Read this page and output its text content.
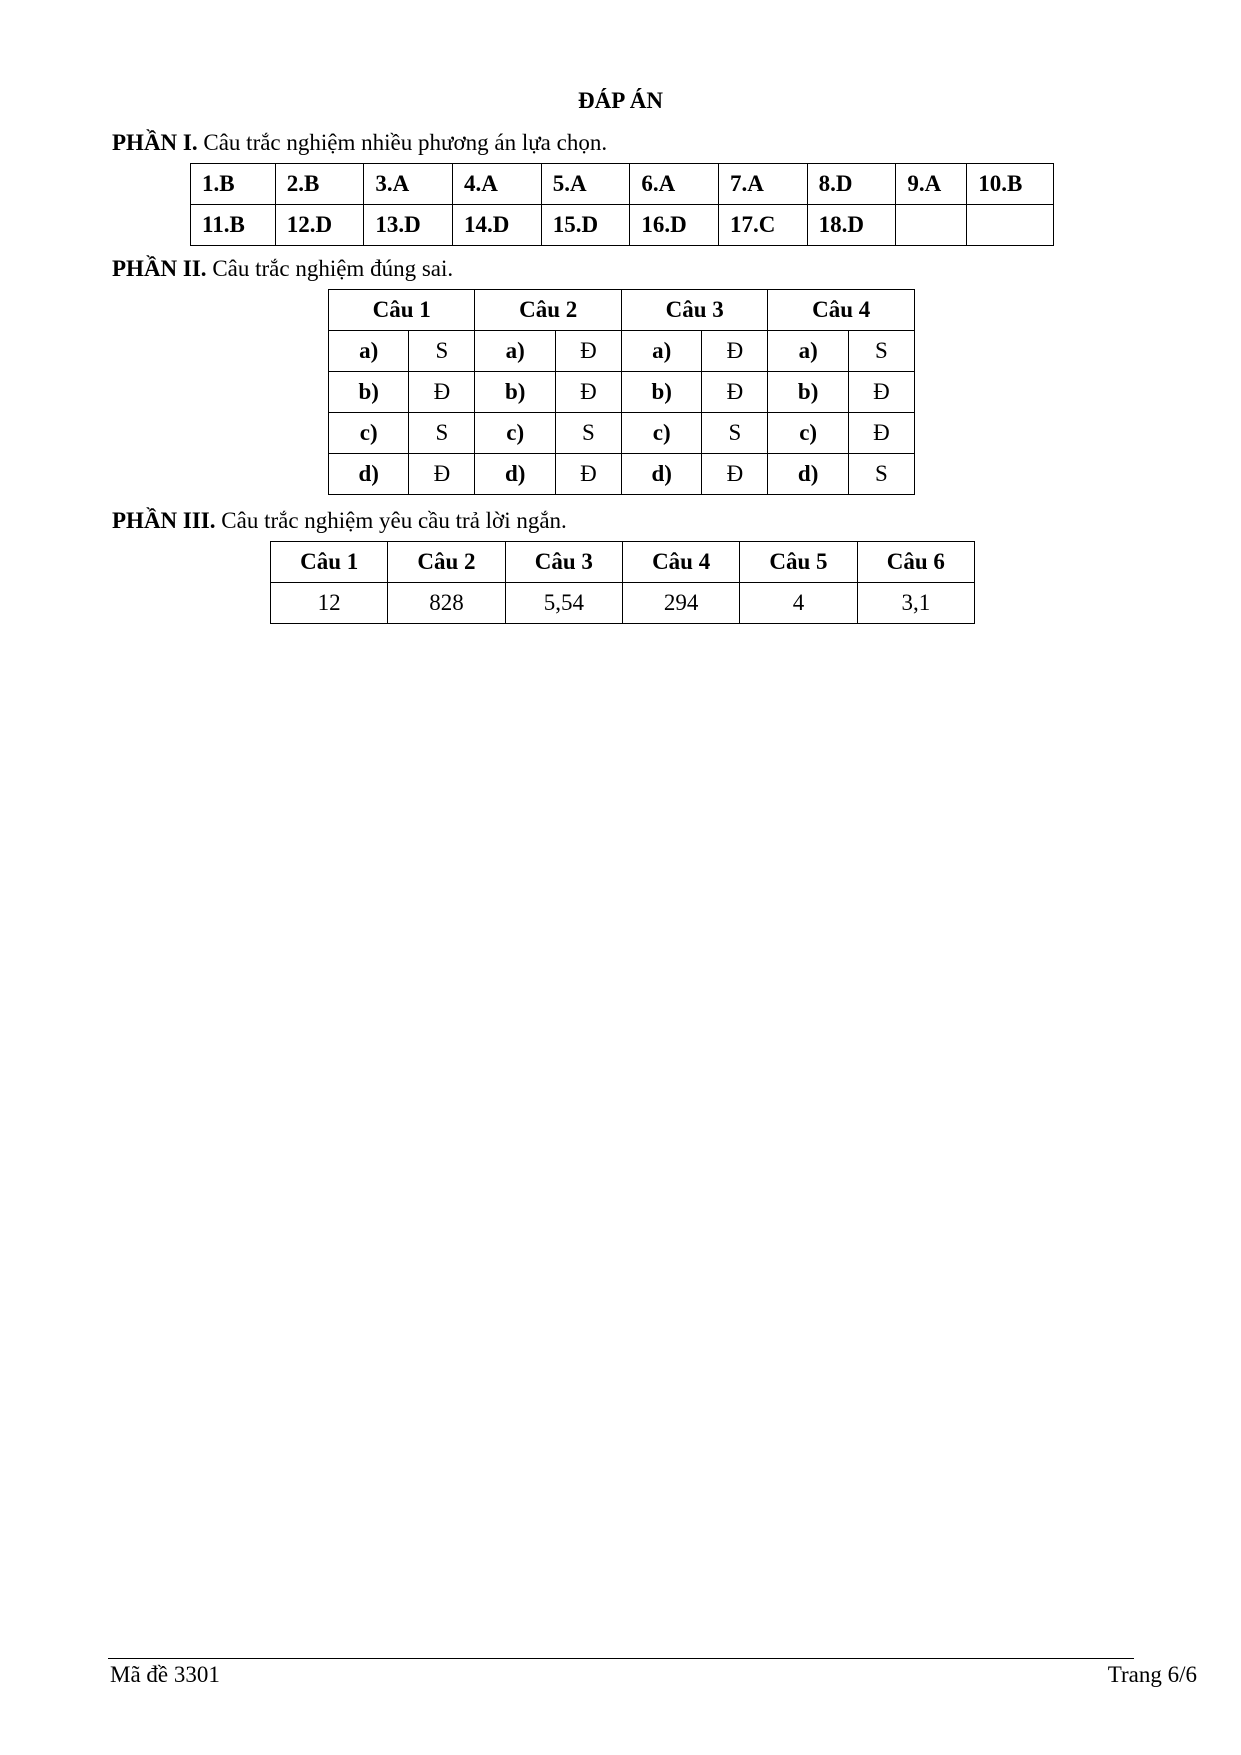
ĐÁP ÁN
PHẦN I. Câu trắc nghiệm nhiều phương án lựa chọn.
1.B	2.B	3.A	4.A	5.A	6.A	7.A	8.D	9.A	10.B
11.B	12.D	13.D	14.D	15.D	16.D	17.C	18.D		
PHẦN II. Câu trắc nghiệm đúng sai.
Câu 1		Câu 2		Câu 3		Câu 4	
a)	S	a)	Đ	a)	Đ	a)	S
b)	Đ	b)	Đ	b)	Đ	b)	Đ
c)	S	c)	S	c)	S	c)	Đ
d)	Đ	d)	Đ	d)	Đ	d)	S
PHẦN III. Câu trắc nghiệm yêu cầu trả lời ngắn.
Câu 1	Câu 2	Câu 3	Câu 4	Câu 5	Câu 6
12	828	5,54	294	4	3,1
Mã đề 3301	Trang 6/6
